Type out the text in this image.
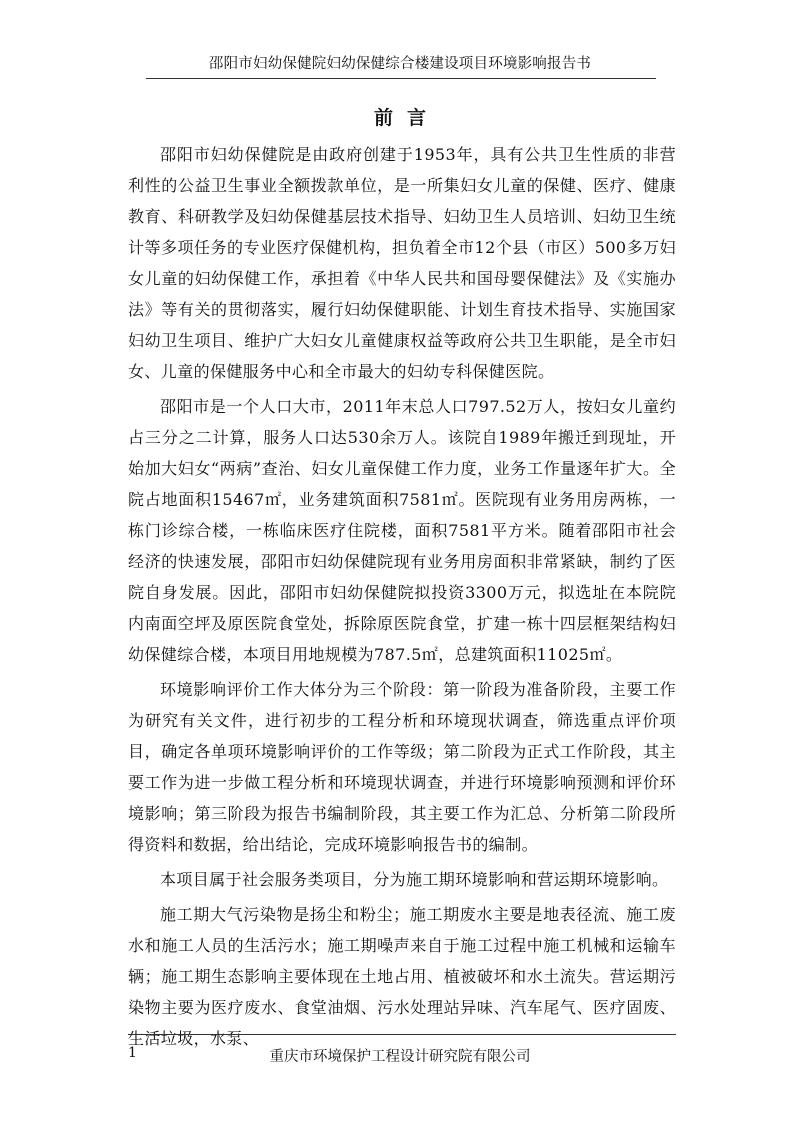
邵阳市妇幼保健院妇幼保健综合楼建设项目环境影响报告书
前言

邵阳市妇幼保健院是由政府创建于1953年，具有公共卫生性质的非营利性的公益卫生事业全额拨款单位，是一所集妇女儿童的保健、医疗、健康教育、科研教学及妇幼保健基层技术指导、妇幼卫生人员培训、妇幼卫生统计等多项任务的专业医疗保健机构，担负着全市12个县（市区）500多万妇女儿童的妇幼保健工作，承担着《中华人民共和国母婴保健法》及《实施办法》等有关的贯彻落实，履行妇幼保健职能、计划生育技术指导、实施国家妇幼卫生项目、维护广大妇女儿童健康权益等政府公共卫生职能，是全市妇女、儿童的保健服务中心和全市最大的妇幼专科保健医院。

邵阳市是一个人口大市，2011年末总人口797.52万人，按妇女儿童约占三分之二计算，服务人口达530余万人。该院自1989年搬迁到现址，开始加大妇女“两病”查治、妇女儿童保健工作力度，业务工作量逐年扩大。全院占地面积15467㎡，业务建筑面积7581㎡。医院现有业务用房两栋，一栋门诊综合楼，一栋临床医疗住院楼，面积7581平方米。随着邵阳市社会经济的快速发展，邵阳市妇幼保健院现有业务用房面积非常紧缺，制约了医院自身发展。因此，邵阳市妇幼保健院拟投资3300万元，拟选址在本院院内南面空坪及原医院食堂处，拆除原医院食堂，扩建一栋十四层框架结构妇幼保健综合楼，本项目用地规模为787.5㎡，总建筑面积11025㎡。

环境影响评价工作大体分为三个阶段：第一阶段为准备阶段，主要工作为研究有关文件，进行初步的工程分析和环境现状调查，筛选重点评价项目，确定各单项环境影响评价的工作等级；第二阶段为正式工作阶段，其主要工作为进一步做工程分析和环境现状调查，并进行环境影响预测和评价环境影响；第三阶段为报告书编制阶段，其主要工作为汇总、分析第二阶段所得资料和数据，给出结论，完成环境影响报告书的编制。

本项目属于社会服务类项目，分为施工期环境影响和营运期环境影响。

施工期大气污染物是扬尘和粉尘；施工期废水主要是地表径流、施工废水和施工人员的生活污水；施工期噪声来自于施工过程中施工机械和运输车辆；施工期生态影响主要体现在土地占用、植被破坏和水土流失。营运期污染物主要为医疗废水、食堂油烟、污水处理站异味、汽车尾气、医疗固废、生活垃圾，水泵、

1	重庆市环境保护工程设计研究院有限公司
